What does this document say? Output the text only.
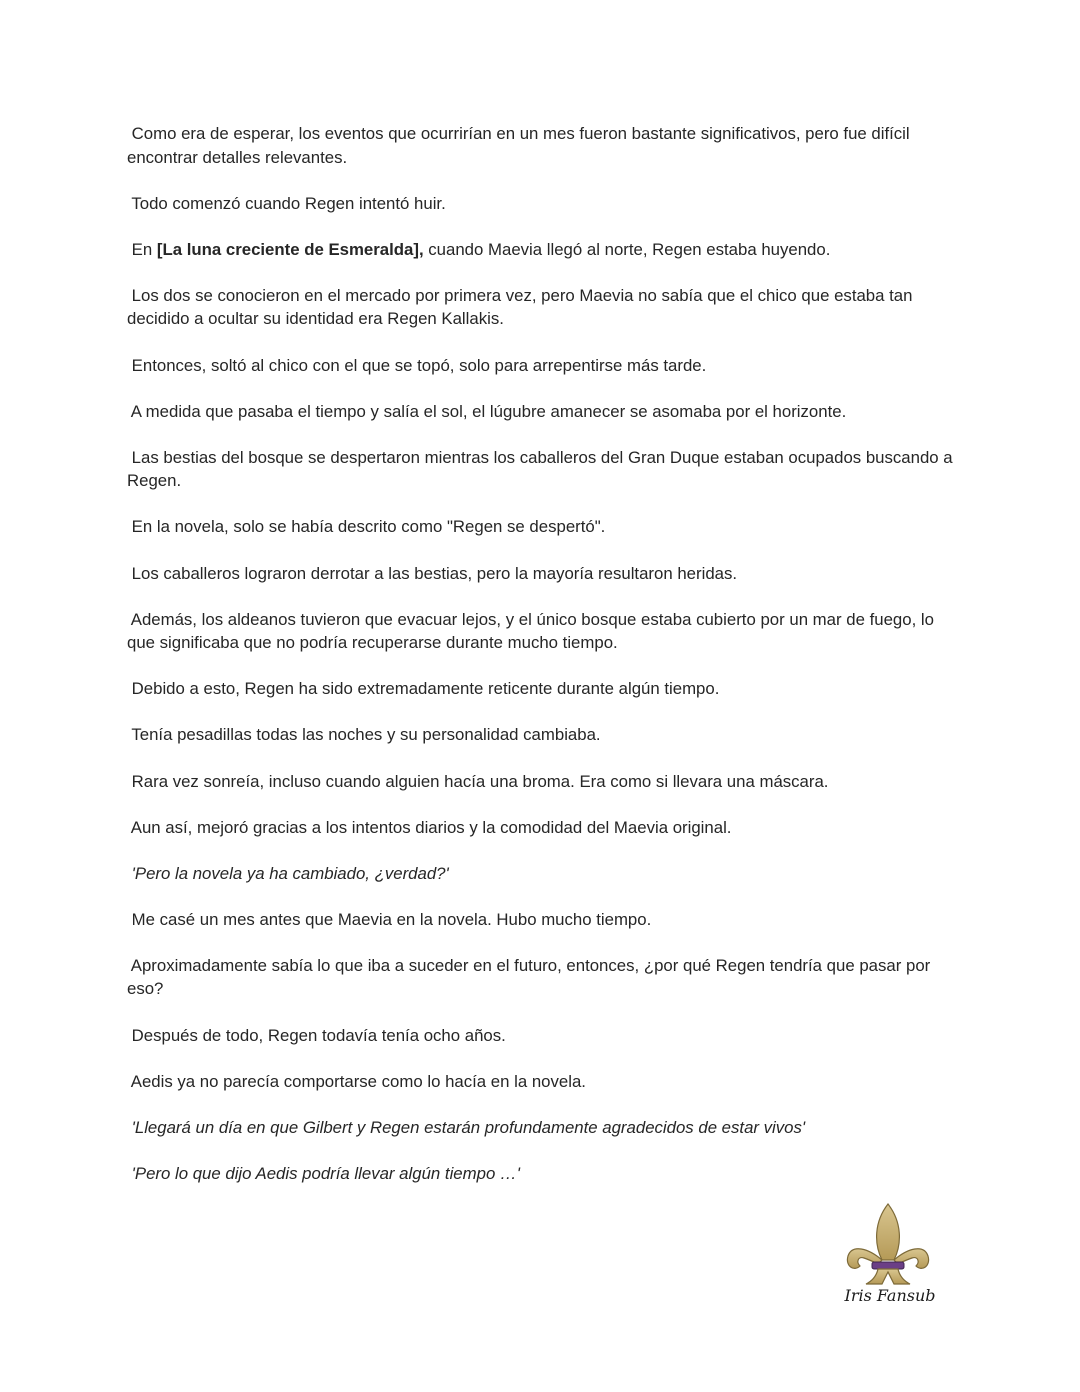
Como era de esperar, los eventos que ocurrirían en un mes fueron bastante significativos, pero fue difícil encontrar detalles relevantes.

Todo comenzó cuando Regen intentó huir.

En [La luna creciente de Esmeralda], cuando Maevia llegó al norte, Regen estaba huyendo.

Los dos se conocieron en el mercado por primera vez, pero Maevia no sabía que el chico que estaba tan decidido a ocultar su identidad era Regen Kallakis.

Entonces, soltó al chico con el que se topó, solo para arrepentirse más tarde.

A medida que pasaba el tiempo y salía el sol, el lúgubre amanecer se asomaba por el horizonte.

Las bestias del bosque se despertaron mientras los caballeros del Gran Duque estaban ocupados buscando a Regen.

En la novela, solo se había descrito como "Regen se despertó".

Los caballeros lograron derrotar a las bestias, pero la mayoría resultaron heridas.

Además, los aldeanos tuvieron que evacuar lejos, y el único bosque estaba cubierto por un mar de fuego, lo que significaba que no podría recuperarse durante mucho tiempo.

Debido a esto, Regen ha sido extremadamente reticente durante algún tiempo.

Tenía pesadillas todas las noches y su personalidad cambiaba.

Rara vez sonreía, incluso cuando alguien hacía una broma. Era como si llevara una máscara.

Aun así, mejoró gracias a los intentos diarios y la comodidad del Maevia original.

'Pero la novela ya ha cambiado, ¿verdad?'

Me casé un mes antes que Maevia en la novela. Hubo mucho tiempo.

Aproximadamente sabía lo que iba a suceder en el futuro, entonces, ¿por qué Regen tendría que pasar por eso?

Después de todo, Regen todavía tenía ocho años.

Aedis ya no parecía comportarse como lo hacía en la novela.

'Llegará un día en que Gilbert y Regen estarán profundamente agradecidos de estar vivos'

'Pero lo que dijo Aedis podría llevar algún tiempo …'

Iris Fansub
